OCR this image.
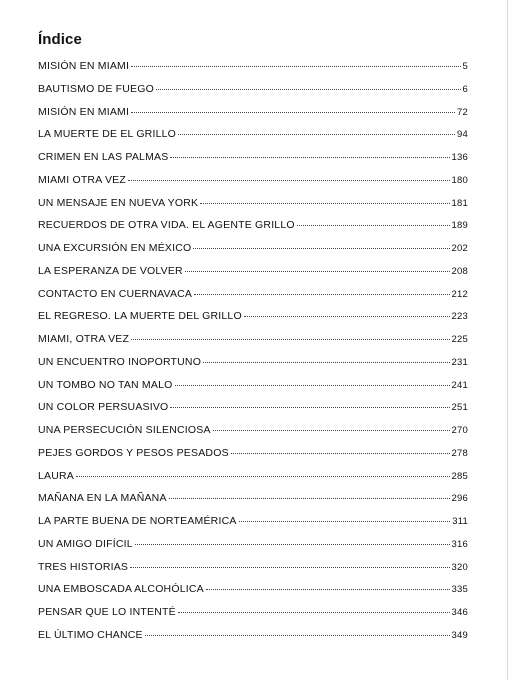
Índice
MISIÓN EN MIAMI	5
BAUTISMO DE FUEGO	6
MISIÓN EN MIAMI	72
LA MUERTE DE EL GRILLO	94
CRIMEN EN LAS PALMAS	136
MIAMI OTRA VEZ	180
UN MENSAJE EN NUEVA YORK	181
RECUERDOS DE OTRA VIDA. EL AGENTE GRILLO	189
UNA EXCURSIÓN EN MÉXICO	202
LA ESPERANZA DE VOLVER	208
CONTACTO EN CUERNAVACA	212
EL REGRESO. LA MUERTE DEL GRILLO	223
MIAMI, OTRA VEZ	225
UN ENCUENTRO INOPORTUNO	231
UN TOMBO NO TAN MALO	241
UN COLOR PERSUASIVO	251
UNA PERSECUCIÓN SILENCIOSA	270
PEJES GORDOS Y PESOS PESADOS	278
LAURA	285
MAÑANA EN LA MAÑANA	296
LA PARTE BUENA DE NORTEAMÉRICA	311
UN AMIGO DIFÍCIL	316
TRES HISTORIAS	320
UNA EMBOSCADA ALCOHÓLICA	335
PENSAR QUE LO INTENTÉ	346
EL ÚLTIMO CHANCE	349
